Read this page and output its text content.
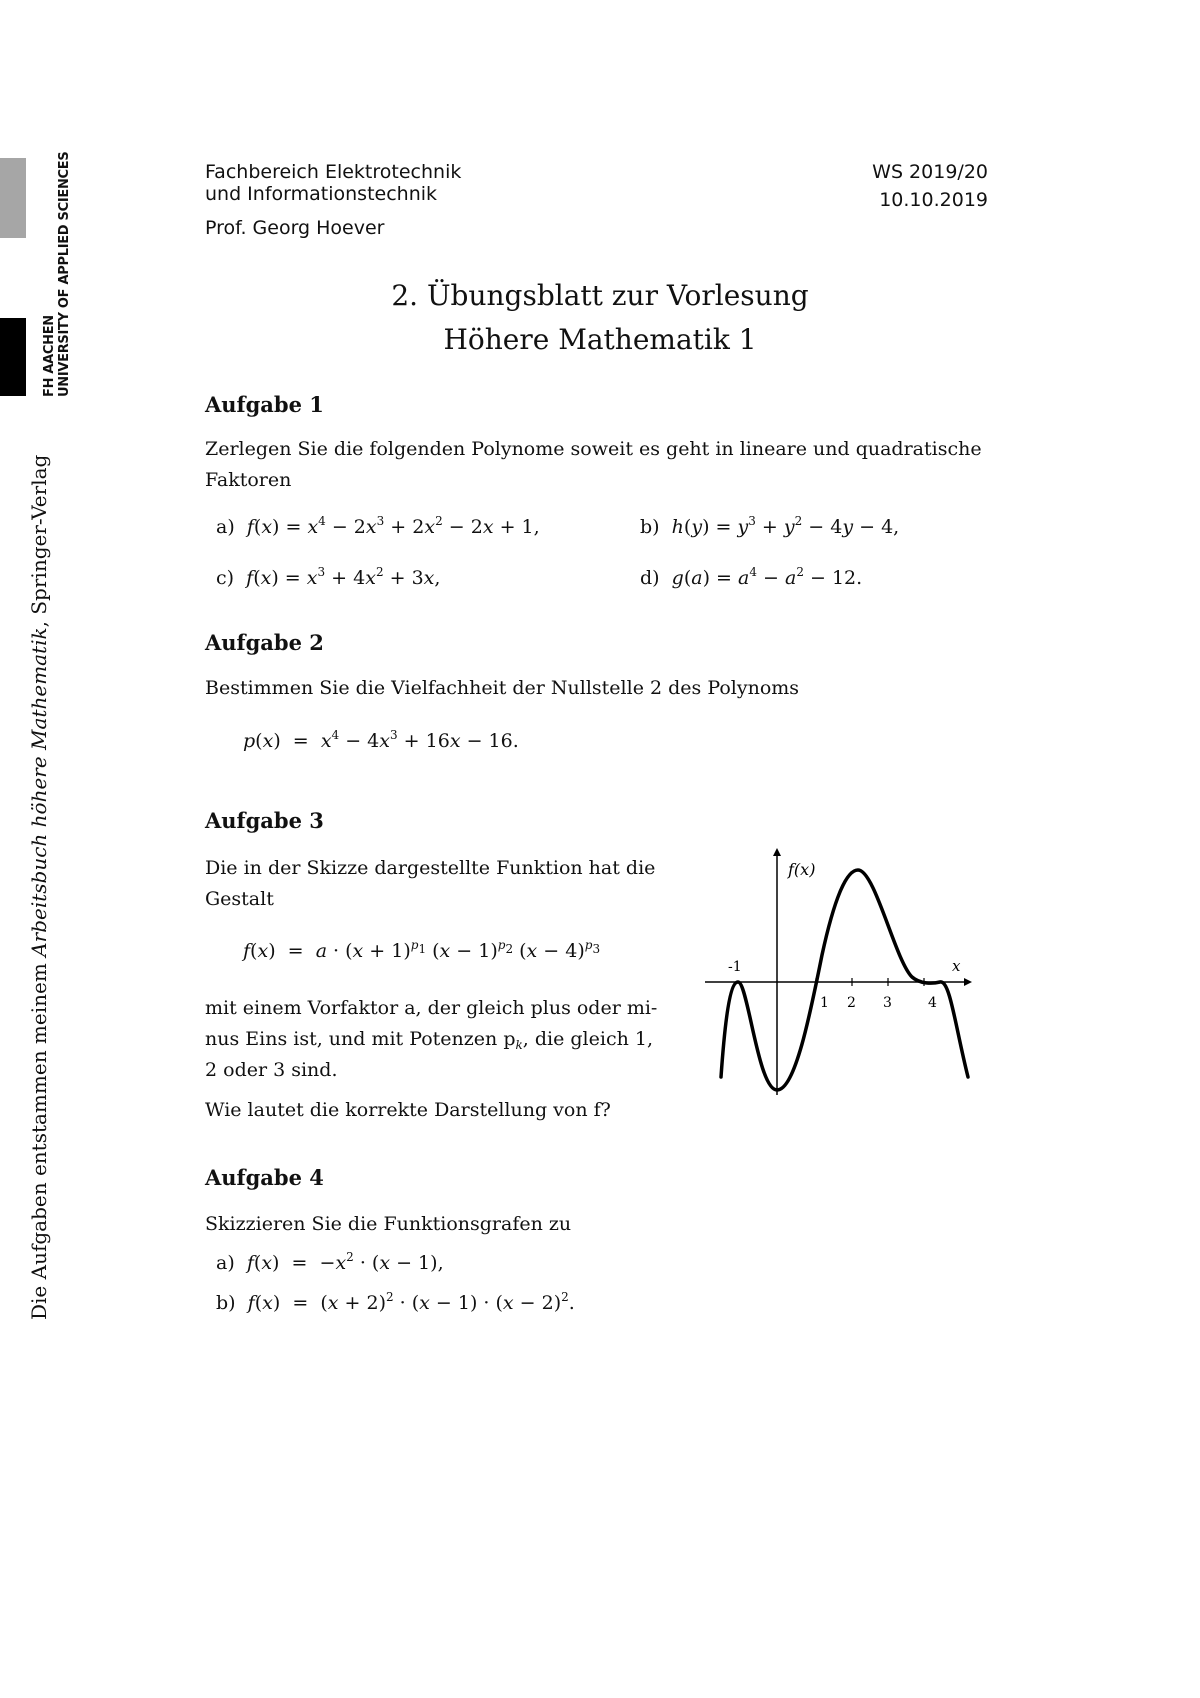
FH AACHEN UNIVERSITY OF APPLIED SCIENCES
Die Aufgaben entstammen meinem Arbeitsbuch höhere Mathematik, Springer-Verlag
Fachbereich Elektrotechnik
und Informationstechnik
Prof. Georg Hoever
WS 2019/20
10.10.2019
2. Übungsblatt zur Vorlesung
Höhere Mathematik 1
Aufgabe 1
Zerlegen Sie die folgenden Polynome soweit es geht in lineare und quadratische Faktoren
a) $f(x) = x^4 - 2x^3 + 2x^2 - 2x + 1$,	b) $h(y) = y^3 + y^2 - 4y - 4$,
c) $f(x) = x^3 + 4x^2 + 3x$,	d) $g(a) = a^4 - a^2 - 12$.
Aufgabe 2
Bestimmen Sie die Vielfachheit der Nullstelle 2 des Polynoms
$p(x) = x^4 - 4x^3 + 16x - 16$.
Aufgabe 3
Die in der Skizze dargestellte Funktion hat die Gestalt
$f(x) = a \cdot (x + 1)^{p_1}$ $(x - 1)^{p_2}$ $(x - 4)^{p_3}$
mit einem Vorfaktor a, der gleich plus oder mi-
nus Eins ist, und mit Potenzen $p_k$, die gleich 1,
2 oder 3 sind.
Wie lautet die korrekte Darstellung von f?
f(x)
x
-1
1 2 3	4
Aufgabe 4
Skizzieren Sie die Funktionsgrafen zu
a) $f(x) = -x^2 \cdot (x - 1)$,
b) $f(x) = (x + 2)^2 \cdot (x - 1) \cdot (x - 2)^2$.
